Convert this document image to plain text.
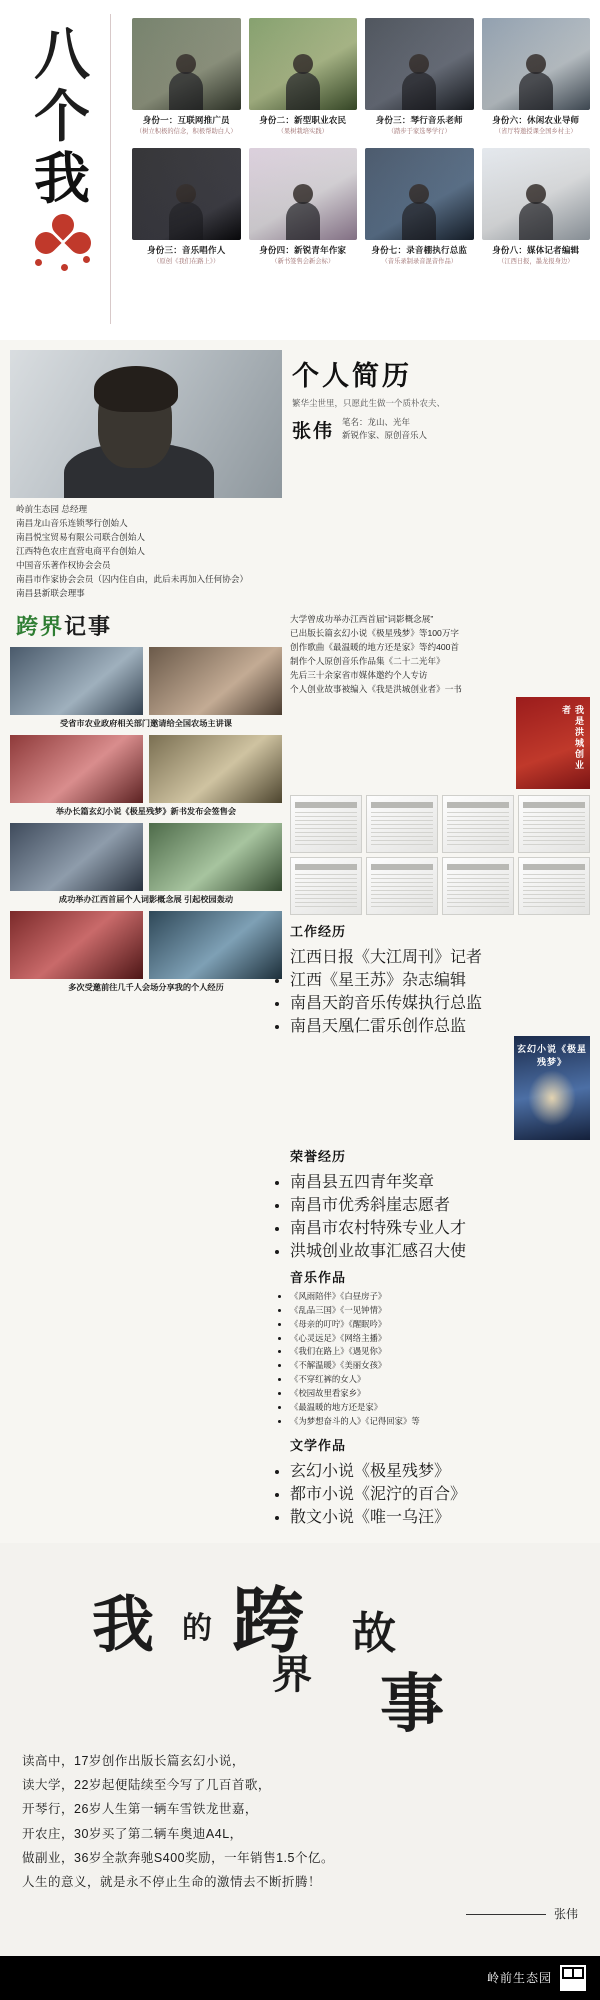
八
个
我
身份一：互联网推广员
（树立积极的信念，积极帮助白人）
身份二：新型职业农民
（果树栽培实践）
身份三：琴行音乐老师
（踏步于家选琴学行）
身份六：休闲农业导师
（省厅特邀授课全国乡村主）
身份三：音乐唱作人
（原创《我们在路上》）
身份四：新锐青年作家
（新书签售会新会标）
身份七：录音棚执行总监
（音乐录制录音混音作品）
身份八：媒体记者编辑
（江西日报，墨龙报身边）
个人简历
繁华尘世里，只愿此生做一个质朴农夫、
张伟 笔名：龙山、光年
新锐作家、原创音乐人
岭前生态园 总经理
南昌龙山音乐连锁琴行创始人
南昌悦宝贸易有限公司联合创始人
江西特色农庄直营电商平台创始人
中国音乐著作权协会会员
南昌市作家协会会员（囚内住自由，此后未再加入任何协会）
南昌县新联会理事
跨界记事
受省市农业政府相关部门邀请给全国农场主讲课
举办长篇玄幻小说《极星残梦》新书发布会签售会
成功举办江西首届个人词影概念展 引起校园轰动
多次受邀前往几千人会场分享我的个人经历
大学曾成功举办江西首届“词影概念展”
已出版长篇玄幻小说《极星残梦》等100万字
创作歌曲《最温暖的地方还是家》等约400首
制作个人原创音乐作品集《二十二光年》
先后三十余家省市媒体邀约个人专访
个人创业故事被编入《我是洪城创业者》一书
我是洪城创业者
工作经历
• 江西日报《大江周刊》记者
• 江西《星王苏》杂志编辑
• 南昌天韵音乐传媒执行总监
• 南昌天凰仁雷乐创作总监
玄幻小说《极星残梦》
荣誉经历
• 南昌县五四青年奖章
• 南昌市优秀斜崖志愿者
• 南昌市农村特殊专业人才
• 洪城创业故事汇感召大使
音乐作品
• 《风雨陪伴》《白昼房子》
• 《乱品三国》《一见钟情》
• 《母亲的叮咛》《醒眠吟》
• 《心灵远足》《网络主播》
• 《我们在路上》《遇见你》
• 《不解温暖》《美丽女孩》
• 《不穿红裤的女人》
• 《校园故里看家乡》
• 《最温暖的地方还是家》
• 《为梦想奋斗的人》《记得回家》等
文学作品
• 玄幻小说《极星残梦》
• 都市小说《泥泞的百合》
• 散文小说《唯一乌汪》
我 的 跨 故
界 事

读高中，17岁创作出版长篇玄幻小说，

读大学，22岁起便陆续至今写了几百首歌，

开琴行，26岁人生第一辆车雪铁龙世嘉，

开农庄，30岁买了第二辆车奥迪A4L，

做副业，36岁全款奔驰S400奖励，一年销售1.5个亿。

人生的意义，就是永不停止生命的激情去不断折腾！

张伟
岭前生态园
